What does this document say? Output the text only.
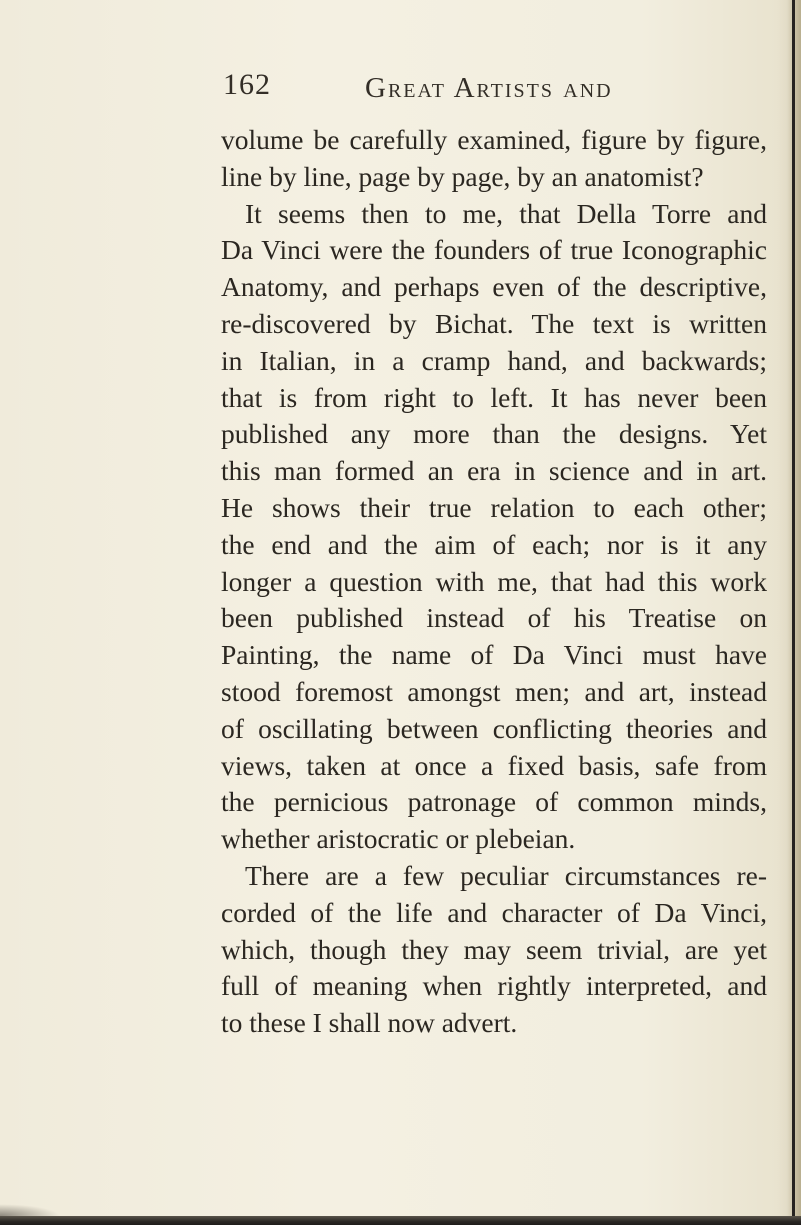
162	Great Artists and
volume be carefully examined, figure by figure,
line by line, page by page, by an anatomist?
It seems then to me, that Della Torre and
Da Vinci were the founders of true Iconographic
Anatomy, and perhaps even of the descriptive,
re-discovered by Bichat. The text is written
in Italian, in a cramp hand, and backwards;
that is from right to left. It has never been
published any more than the designs. Yet
this man formed an era in science and in art.
He shows their true relation to each other;
the end and the aim of each; nor is it any
longer a question with me, that had this work
been published instead of his Treatise on
Painting, the name of Da Vinci must have
stood foremost amongst men; and art, instead
of oscillating between conflicting theories and
views, taken at once a fixed basis, safe from
the pernicious patronage of common minds,
whether aristocratic or plebeian.
There are a few peculiar circumstances re-
corded of the life and character of Da Vinci,
which, though they may seem trivial, are yet
full of meaning when rightly interpreted, and
to these I shall now advert.
